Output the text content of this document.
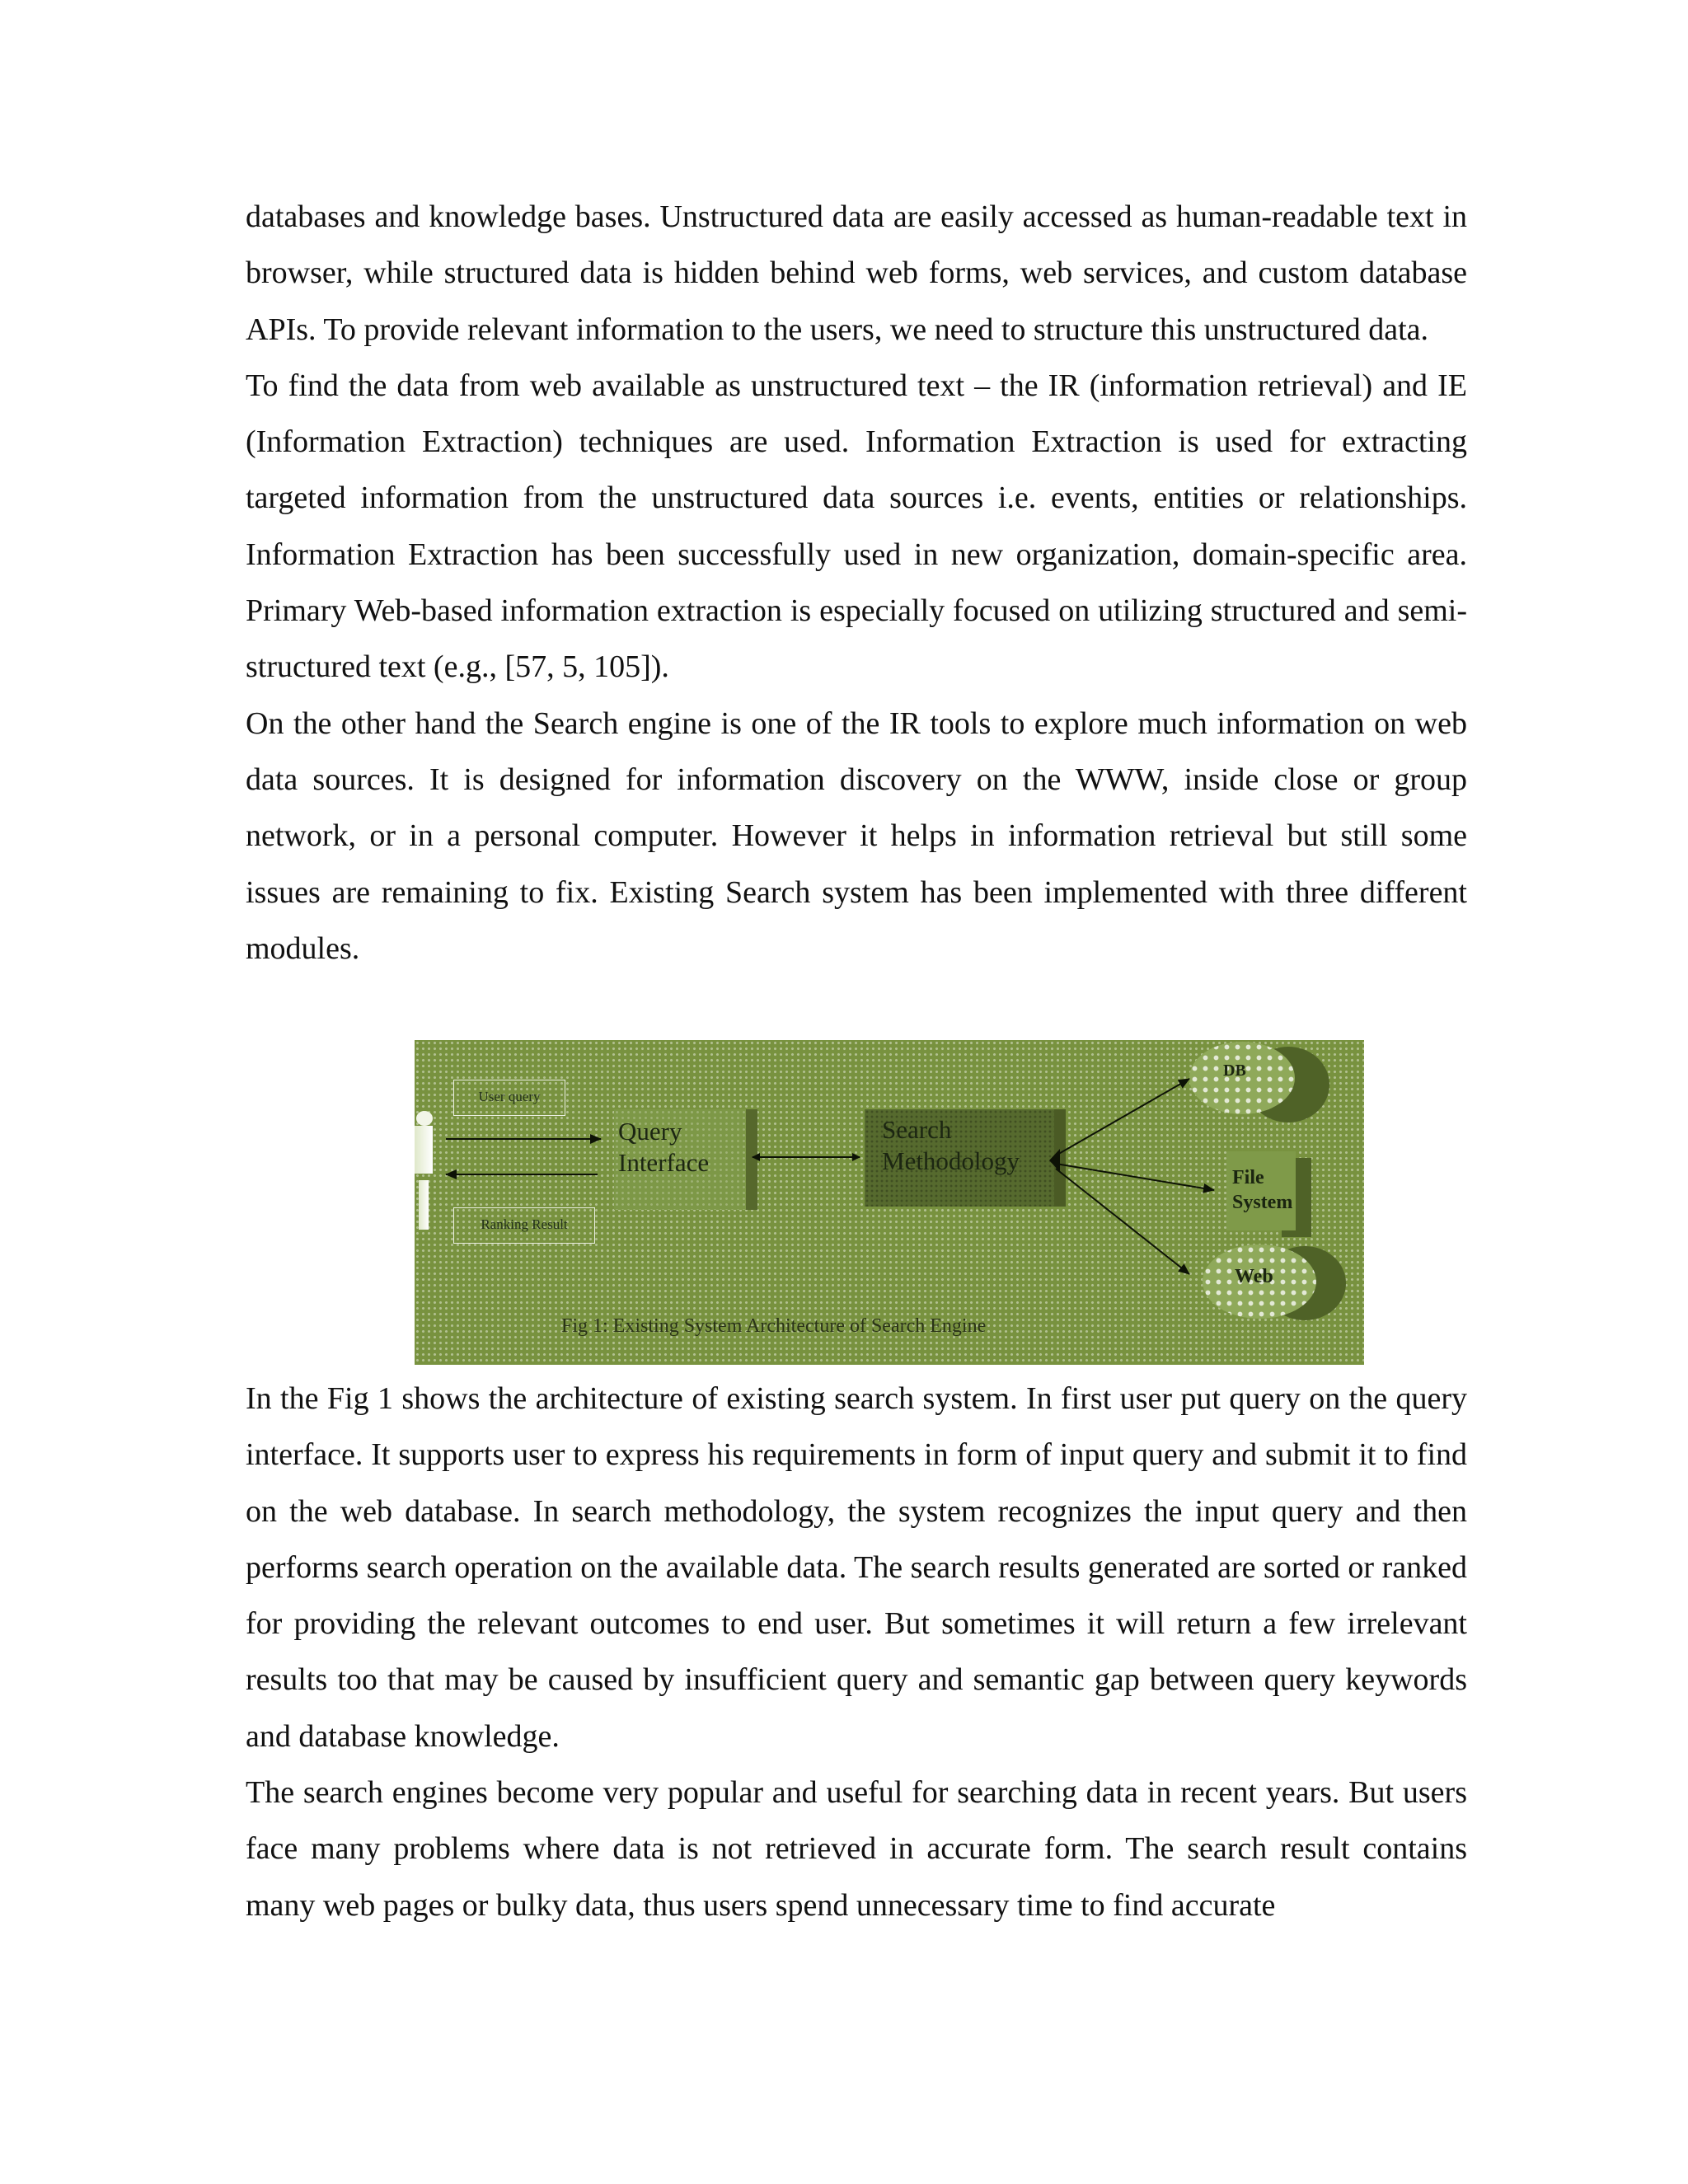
databases and knowledge bases. Unstructured data are easily accessed as human-readable text in browser, while structured data is hidden behind web forms, web services, and custom database APIs. To provide relevant information to the users, we need to structure this unstructured data.

To find the data from web available as unstructured text – the IR (information retrieval) and IE (Information Extraction) techniques are used. Information Extraction is used for extracting targeted information from the unstructured data sources i.e. events, entities or relationships. Information Extraction has been successfully used in new organization, domain-specific area. Primary Web-based information extraction is especially focused on utilizing structured and semi-structured text (e.g., [57, 5, 105]).

On the other hand the Search engine is one of the IR tools to explore much information on web data sources. It is designed for information discovery on the WWW, inside close or group network, or in a personal computer. However it helps in information retrieval but still some issues are remaining to fix. Existing Search system has been implemented with three different modules.

User query
Ranking Result
Query
Interface
Search
Methodology
DB
File
System
Web
Fig 1: Existing System Architecture of Search Engine

In the Fig 1 shows the architecture of existing search system. In first user put query on the query interface. It supports user to express his requirements in form of input query and submit it to find on the web database. In search methodology, the system recognizes the input query and then performs search operation on the available data. The search results generated are sorted or ranked for providing the relevant outcomes to end user. But sometimes it will return a few irrelevant results too that may be caused by insufficient query and semantic gap between query keywords and database knowledge.

The search engines become very popular and useful for searching data in recent years. But users face many problems where data is not retrieved in accurate form. The search result contains many web pages or bulky data, thus users spend unnecessary time to find accurate
